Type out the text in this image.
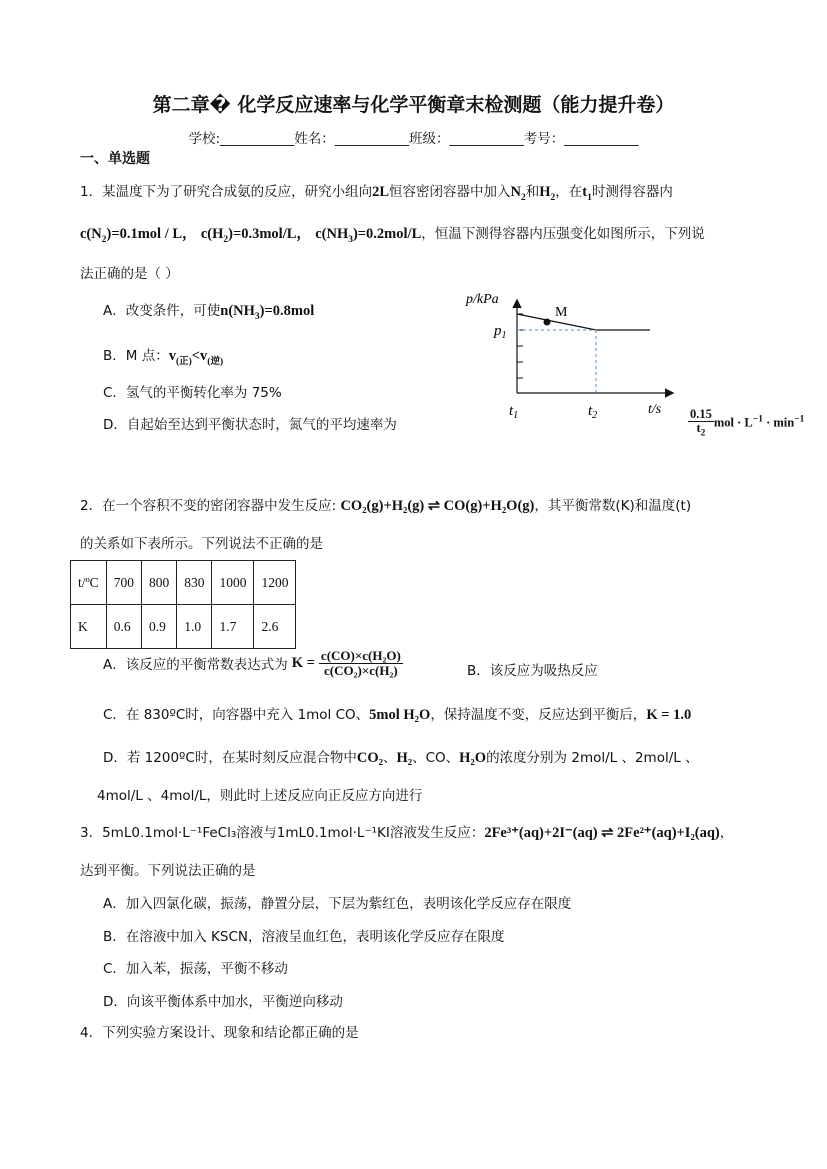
第二章� 化学反应速率与化学平衡章末检测题（能力提升卷）
学校:___________姓名：___________班级：___________考号：___________
一、单选题
1．某温度下为了研究合成氨的反应，研究小组向2L恒容密闭容器中加入$N_2$和$H_2$，在$t_1$时测得容器内
$c(N_2)=0.1mol / L$， $c(H_2)=0.3mol/L$， $c(NH_3)=0.2mol/L$，恒温下测得容器内压强变化如图所示，下列说
法正确的是（ ）
A．改变条件，可使$n(NH_3)=0.8mol$
B．M 点：$v_{(正)}<v_{(逆)}$
C．氢气的平衡转化率为 75%
D．自起始至达到平衡状态时，氮气的平均速率为	$\frac{0.15}{t_2}$ mol · $L^{-1} \cdot \min^{-1}$
M
p/kPa
t/s
$p_1$
$t_1$	$t_2$
2．在一个容积不变的密闭容器中发生反应: CO₂(g)+H₂(g) ⇌ CO(g)+H₂O(g)，其平衡常数(K)和温度(t)
的关系如下表所示。下列说法不正确的是
t/ºC	700	800	830	1000	1200
K	0.6	0.9	1.0	1.7	2.6
A．该反应的平衡常数表达式为 $K = \frac{\text{c(CO)×c(H₂O)}}{\text{c(CO₂)×c(H₂)}}$	B．该反应为吸热反应
C．在 830ºC时，向容器中充入 1mol CO、5mol H₂O，保持温度不变，反应达到平衡后，K = 1.0
D．若 1200ºC时，在某时刻反应混合物中CO₂、H₂、CO、H₂O的浓度分别为 2mol/L 、2mol/L 、
4mol/L 、4mol/L，则此时上述反应向正反应方向进行
3．5mL0.1mol·L⁻¹FeCl₃溶液与1mL0.1mol·L⁻¹KI溶液发生反应：2Fe³⁺(aq)+2I⁻(aq) ⇌ 2Fe²⁺(aq)+I₂(aq)，
达到平衡。下列说法正确的是
A．加入四氯化碳，振荡，静置分层，下层为紫红色，表明该化学反应存在限度
B．在溶液中加入 KSCN，溶液呈血红色，表明该化学反应存在限度
C．加入苯，振荡，平衡不移动
D．向该平衡体系中加水，平衡逆向移动
4．下列实验方案设计、现象和结论都正确的是
